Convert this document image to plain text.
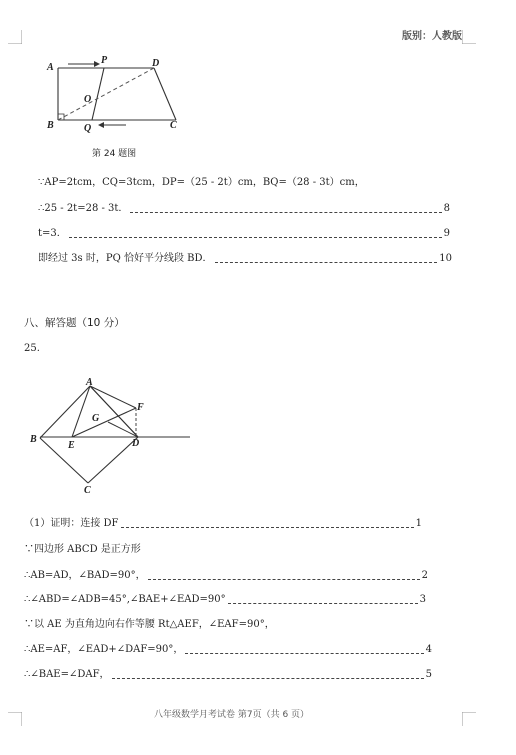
版别：人教版
A
P	D
O
B	Q	C
第 24 题图
∵AP=2tcm，CQ=3tcm，DP=（25 - 2t）cm，BQ=（28 - 3t）cm，
∴25 - 2t=28 - 3t．	8
t=3．	9
即经过 3s 时，PQ 恰好平分线段 BD．	10
八、解答题（10 分）
25.
A
F
G
B
E	D
C
（1）证明：连接 DF	1
∵四边形 ABCD 是正方形
∴AB=AD，∠BAD=90°，	2
∴∠ABD=∠ADB=45°,∠BAE+∠EAD=90°	3
∵以 AE 为直角边向右作等腰 Rt△AEF，∠EAF=90°，
∴AE=AF，∠EAD+∠DAF=90°，	4
∴∠BAE=∠DAF，	5
八年级数学月考试卷 第7页（共 6 页）
